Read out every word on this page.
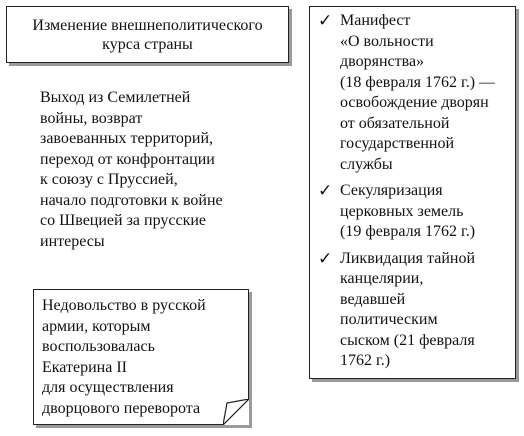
Изменение внешнеполитического
курса страны
Выход из Семилетней
войны, возврат
завоеванных территорий,
переход от конфронтации
к союзу с Пруссией,
начало подготовки к войне
со Швецией за прусские
интересы
Недовольство в русской
армии, которым
воспользовалась
Екатерина II
для осуществления
дворцового переворота
✓ Манифест
«О вольности
дворянства»
(18 февраля 1762 г.) —
освобождение дворян
от обязательной
государственной
службы
✓ Секуляризация
церковных земель
(19 февраля 1762 г.)
✓ Ликвидация тайной
канцелярии,
ведавшей
политическим
сыском (21 февраля
1762 г.)
